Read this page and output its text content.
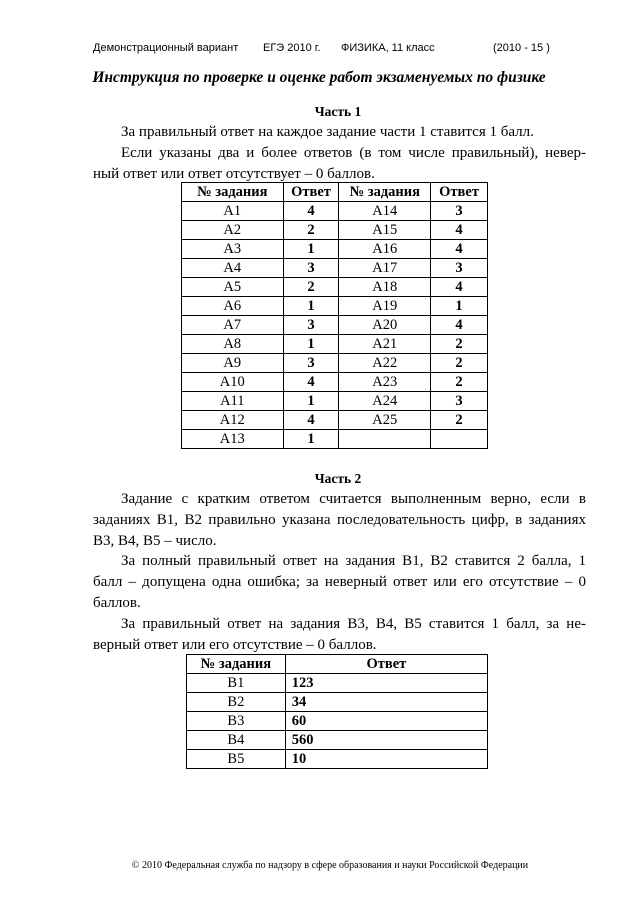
Демонстрационный вариант ЕГЭ 2010 г. ФИЗИКА, 11 класс	(2010 - 15 )
Инструкция по проверке и оценке работ экзаменуемых по физике
Часть 1

За правильный ответ на каждое задание части 1 ставится 1 балл.

Если указаны два и более ответов (в том числе правильный), невер-

ный ответ или ответ отсутствует – 0 баллов.

№ задания	Ответ	№ задания	Ответ
А1	4	А14	3
А2	2	А15	4
А3	1	А16	4
А4	3	А17	3
А5	2	А18	4
А6	1	А19	1
А7	3	А20	4
А8	1	А21	2
А9	3	А22	2
А10	4	А23	2
А11	1	А24	3
А12	4	А25	2
А13	1		
Часть 2

Задание с кратким ответом считается выполненным верно, если в

заданиях В1, В2 правильно указана последовательность цифр, в заданиях

В3, В4, В5 – число.

За полный правильный ответ на задания В1, В2 ставится 2 балла, 1

балл – допущена одна ошибка; за неверный ответ или его отсутствие – 0

баллов.

За правильный ответ на задания В3, В4, В5 ставится 1 балл, за не-

верный ответ или его отсутствие – 0 баллов.

№ задания	Ответ
В1	123
В2	34
В3	60
В4	560
В5	10
© 2010 Федеральная служба по надзору в сфере образования и науки Российской Федерации
